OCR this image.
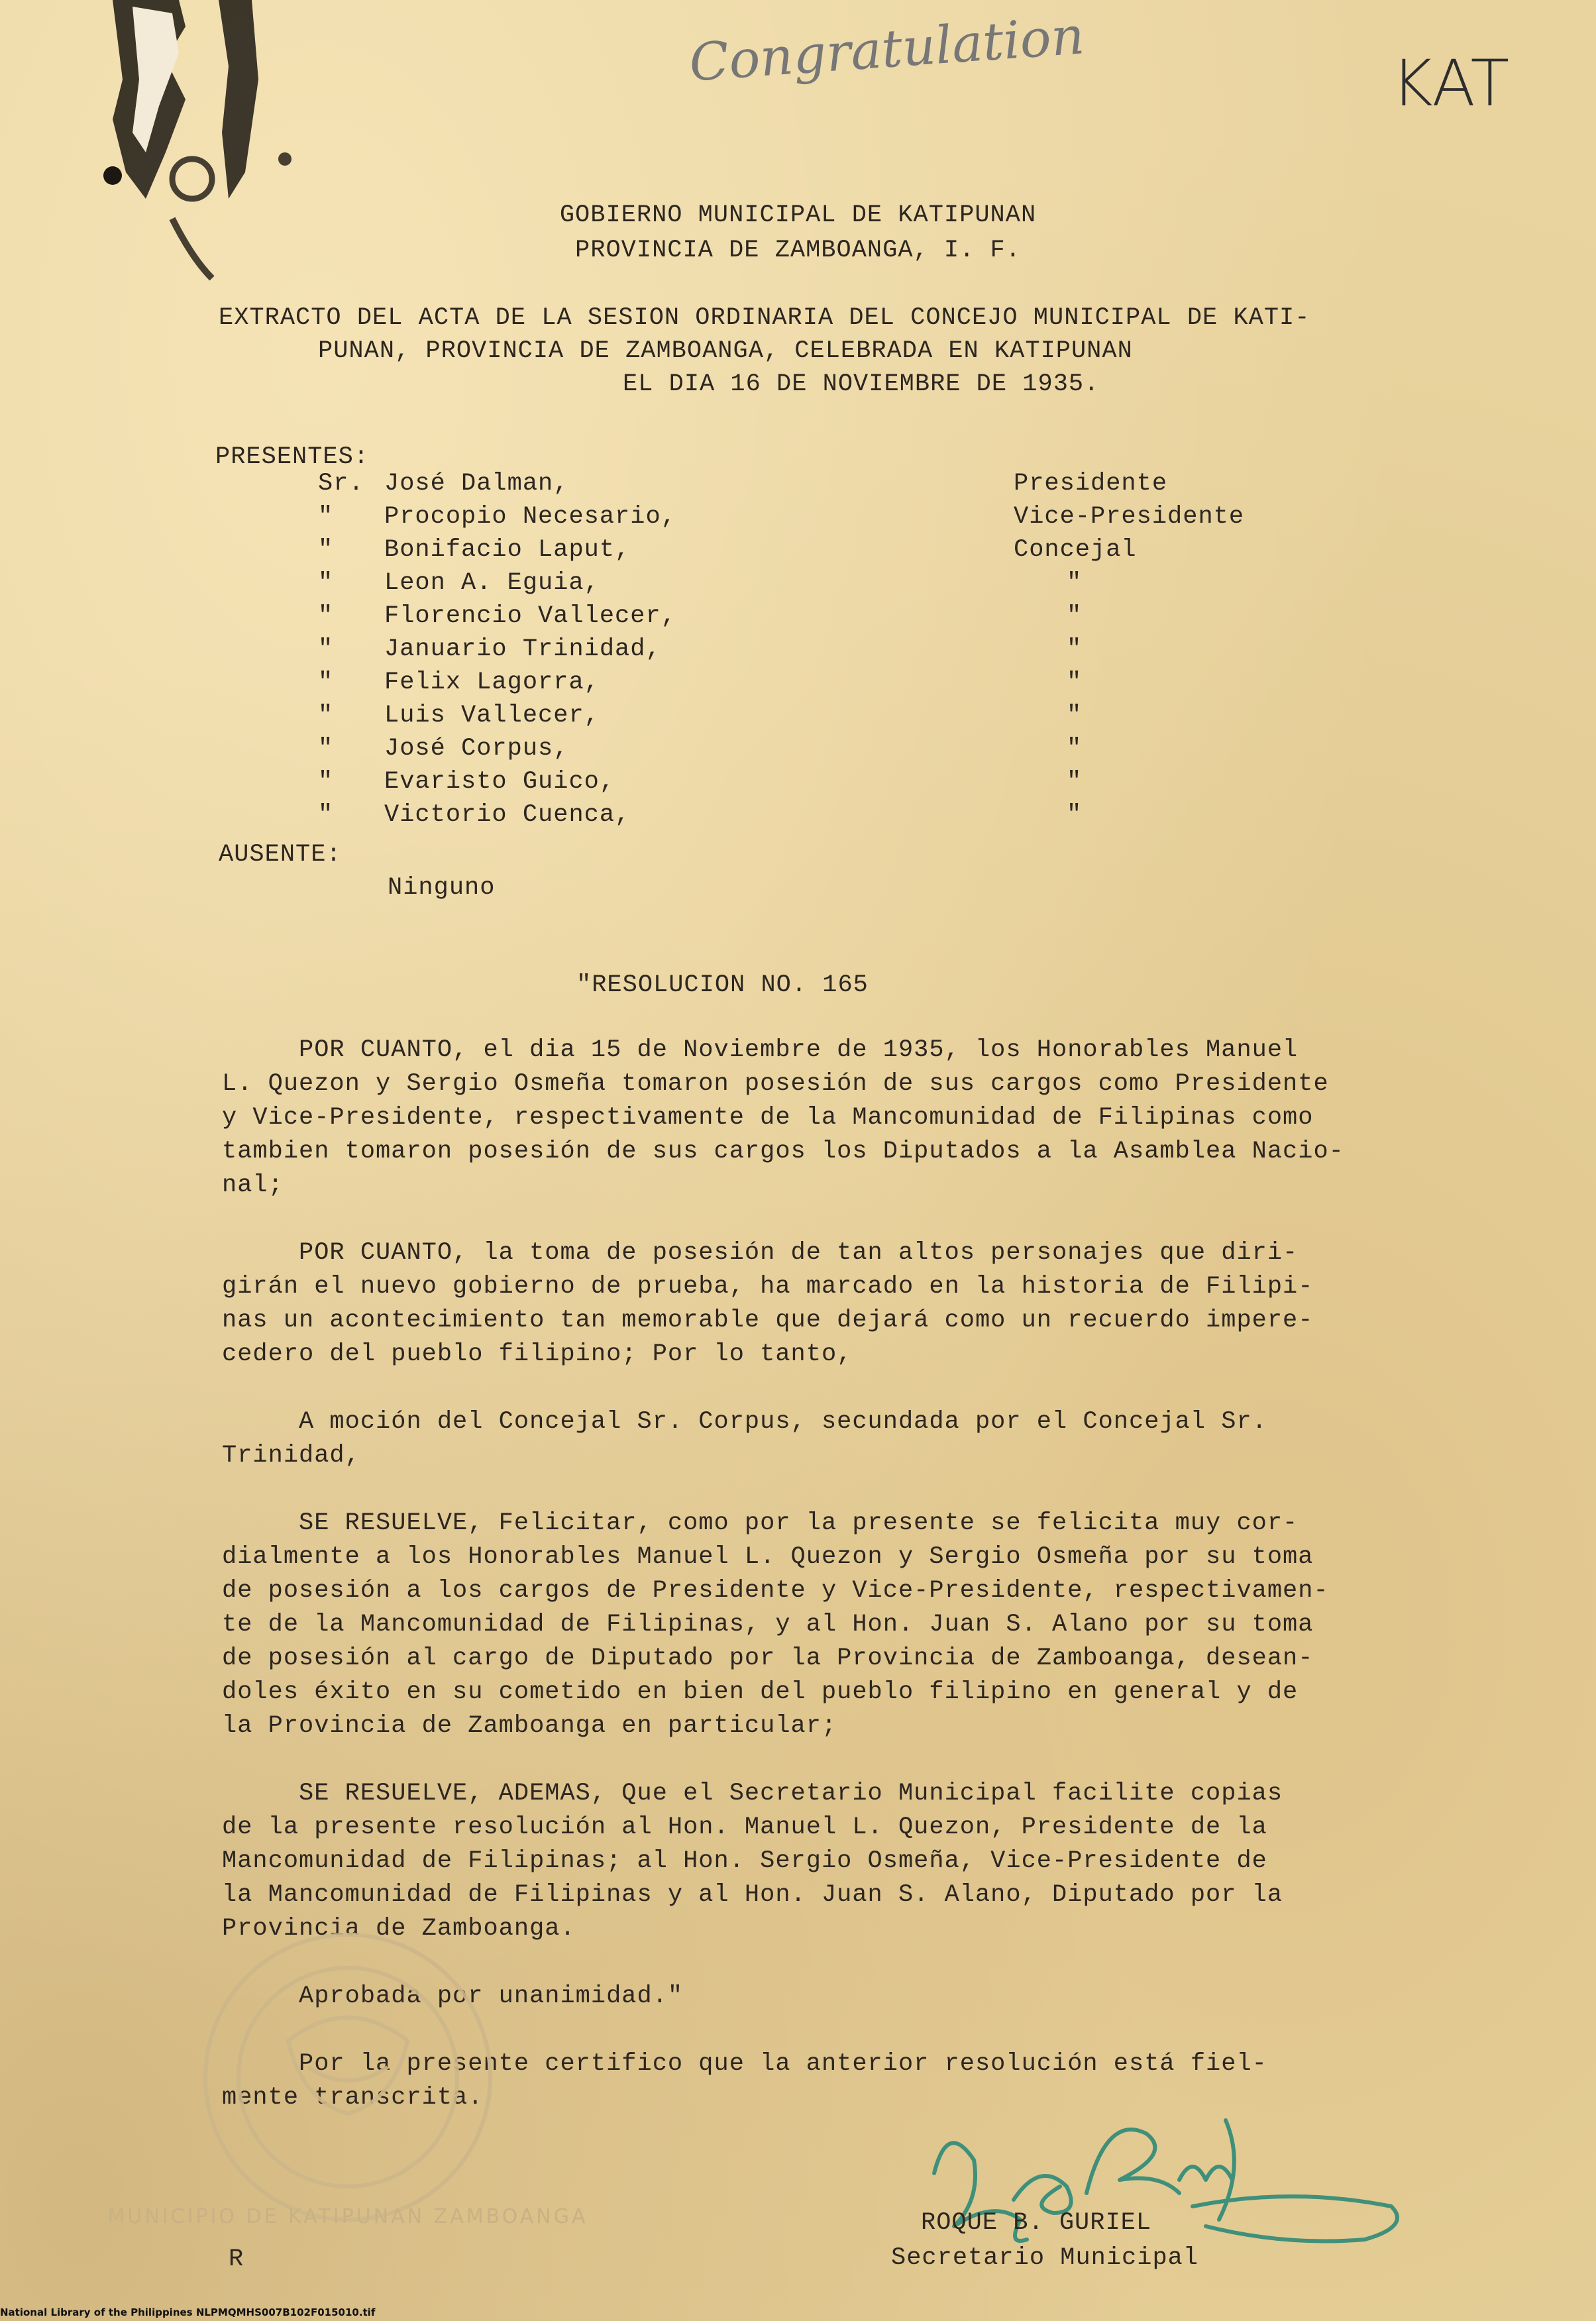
Congratulation	KAT
GOBIERNO MUNICIPAL DE KATIPUNAN
PROVINCIA DE ZAMBOANGA, I. F.
EXTRACTO DEL ACTA DE LA SESION ORDINARIA DEL CONCEJO MUNICIPAL DE KATI-
PUNAN, PROVINCIA DE ZAMBOANGA, CELEBRADA EN KATIPUNAN
EL DIA 16 DE NOVIEMBRE DE 1935.
PRESENTES:
Sr. José Dalman,	Presidente
" Procopio Necesario,	Vice-Presidente
" Bonifacio Laput,	Concejal
" Leon A. Eguia,	"
" Florencio Vallecer,	"
" Januario Trinidad,	"
" Felix Lagorra,	"
" Luis Vallecer,	"
" José Corpus,	"
" Evaristo Guico,	"
" Victorio Cuenca,	"
AUSENTE:
Ninguno
"RESOLUCION NO. 165
POR CUANTO, el dia 15 de Noviembre de 1935, los Honorables Manuel
L. Quezon y Sergio Osmeña tomaron posesión de sus cargos como Presidente
y Vice-Presidente, respectivamente de la Mancomunidad de Filipinas como
tambien tomaron posesión de sus cargos los Diputados a la Asamblea Nacio-
nal;
POR CUANTO, la toma de posesión de tan altos personajes que diri-
girán el nuevo gobierno de prueba, ha marcado en la historia de Filipi-
nas un acontecimiento tan memorable que dejará como un recuerdo impere-
cedero del pueblo filipino; Por lo tanto,
A moción del Concejal Sr. Corpus, secundada por el Concejal Sr.
Trinidad,
SE RESUELVE, Felicitar, como por la presente se felicita muy cor-
dialmente a los Honorables Manuel L. Quezon y Sergio Osmeña por su toma
de posesión a los cargos de Presidente y Vice-Presidente, respectivamen-
te de la Mancomunidad de Filipinas, y al Hon. Juan S. Alano por su toma
de posesión al cargo de Diputado por la Provincia de Zamboanga, desean-
doles éxito en su cometido en bien del pueblo filipino en general y de
la Provincia de Zamboanga en particular;
SE RESUELVE, ADEMAS, Que el Secretario Municipal facilite copias
de la presente resolución al Hon. Manuel L. Quezon, Presidente de la
Mancomunidad de Filipinas; al Hon. Sergio Osmeña, Vice-Presidente de
la Mancomunidad de Filipinas y al Hon. Juan S. Alano, Diputado por la
Provincia de Zamboanga.
Aprobada por unanimidad."
Por la presente certifico que la anterior resolución está fiel-
mente transcrita.
MUNICIPIO DE KATIPUNAN ZAMBOANGA	ROQUE B. GURIEL
Secretario Municipal
R
National Library of the Philippines NLPMQMHS007B102F015010.tif
